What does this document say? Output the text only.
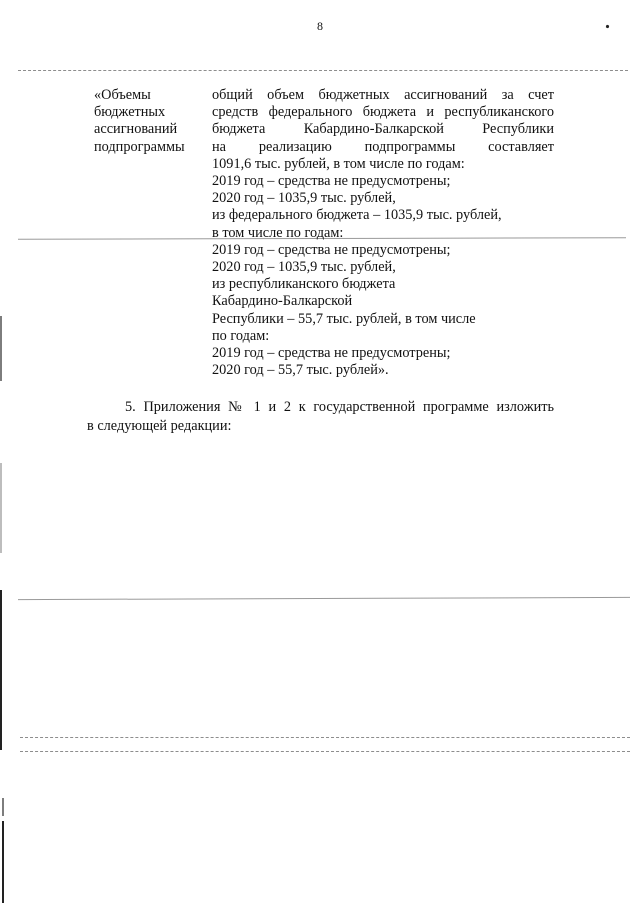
8
«Объемы
бюджетных
ассигнований
подпрограммы
общий объем бюджетных ассигнований за счет
средств федерального бюджета и республиканского
бюджета Кабардино-Балкарской Республики
на реализацию подпрограммы составляет
1091,6 тыс. рублей, в том числе по годам:
2019 год – средства не предусмотрены;
2020 год – 1035,9 тыс. рублей,
из федерального бюджета – 1035,9 тыс. рублей,
в том числе по годам:
2019 год – средства не предусмотрены;
2020 год – 1035,9 тыс. рублей,
из республиканского бюджета
Кабардино-Балкарской
Республики – 55,7 тыс. рублей, в том числе
по годам:
2019 год – средства не предусмотрены;
2020 год – 55,7 тыс. рублей».
5. Приложения № 1 и 2 к государственной программе изложить
в следующей редакции:
